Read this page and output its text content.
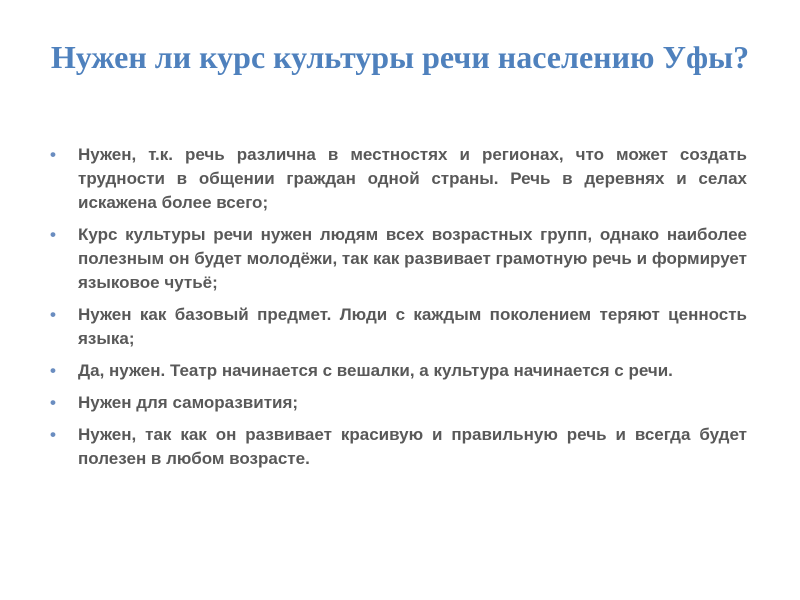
Нужен ли курс культуры речи населению Уфы?
•	Нужен, т.к. речь различна в местностях и регионах, что может создать трудности в общении граждан одной страны. Речь в деревнях и селах искажена более всего;
•	Курс культуры речи нужен людям всех возрастных групп, однако наиболее полезным он будет молодёжи, так как развивает грамотную речь и формирует языковое чутьё;
•	Нужен как базовый предмет. Люди с каждым поколением теряют ценность языка;
•	Да, нужен. Театр начинается с вешалки, а культура начинается с речи.
•	Нужен для саморазвития;
•	Нужен, так как он развивает красивую и правильную речь и всегда будет полезен в любом возрасте.
